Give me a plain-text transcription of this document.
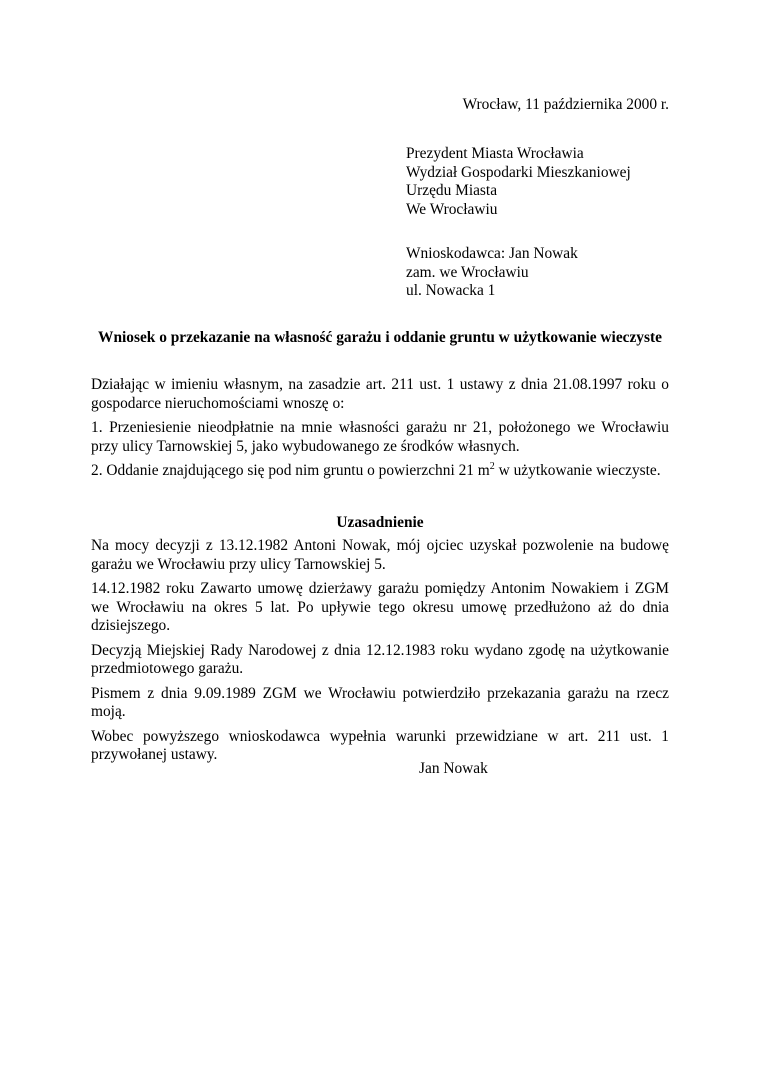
Wrocław, 11 października 2000 r.
Prezydent Miasta Wrocławia
Wydział Gospodarki Mieszkaniowej
Urzędu Miasta
We Wrocławiu
Wnioskodawca: Jan Nowak
zam. we Wrocławiu
ul. Nowacka 1
Wniosek o przekazanie na własność garażu i oddanie gruntu w użytkowanie wieczyste

Działając w imieniu własnym, na zasadzie art. 211 ust. 1 ustawy z dnia 21.08.1997 roku o gospodarce nieruchomościami wnoszę o:

1. Przeniesienie nieodpłatnie na mnie własności garażu nr 21, położonego we Wrocławiu przy ulicy Tarnowskiej 5, jako wybudowanego ze środków własnych.

2. Oddanie znajdującego się pod nim gruntu o powierzchni 21 $m^2$ w użytkowanie wieczyste.

Uzasadnienie

Na mocy decyzji z 13.12.1982 Antoni Nowak, mój ojciec uzyskał pozwolenie na budowę garażu we Wrocławiu przy ulicy Tarnowskiej 5.

14.12.1982 roku Zawarto umowę dzierżawy garażu pomiędzy Antonim Nowakiem i ZGM we Wrocławiu na okres 5 lat. Po upływie tego okresu umowę przedłużono aż do dnia dzisiejszego.

Decyzją Miejskiej Rady Narodowej z dnia 12.12.1983 roku wydano zgodę na użytkowanie przedmiotowego garażu.

Pismem z dnia 9.09.1989 ZGM we Wrocławiu potwierdziło przekazania garażu na rzecz moją.

Wobec powyższego wnioskodawca wypełnia warunki przewidziane w art. 211 ust. 1 przywołanej ustawy.

Jan Nowak
